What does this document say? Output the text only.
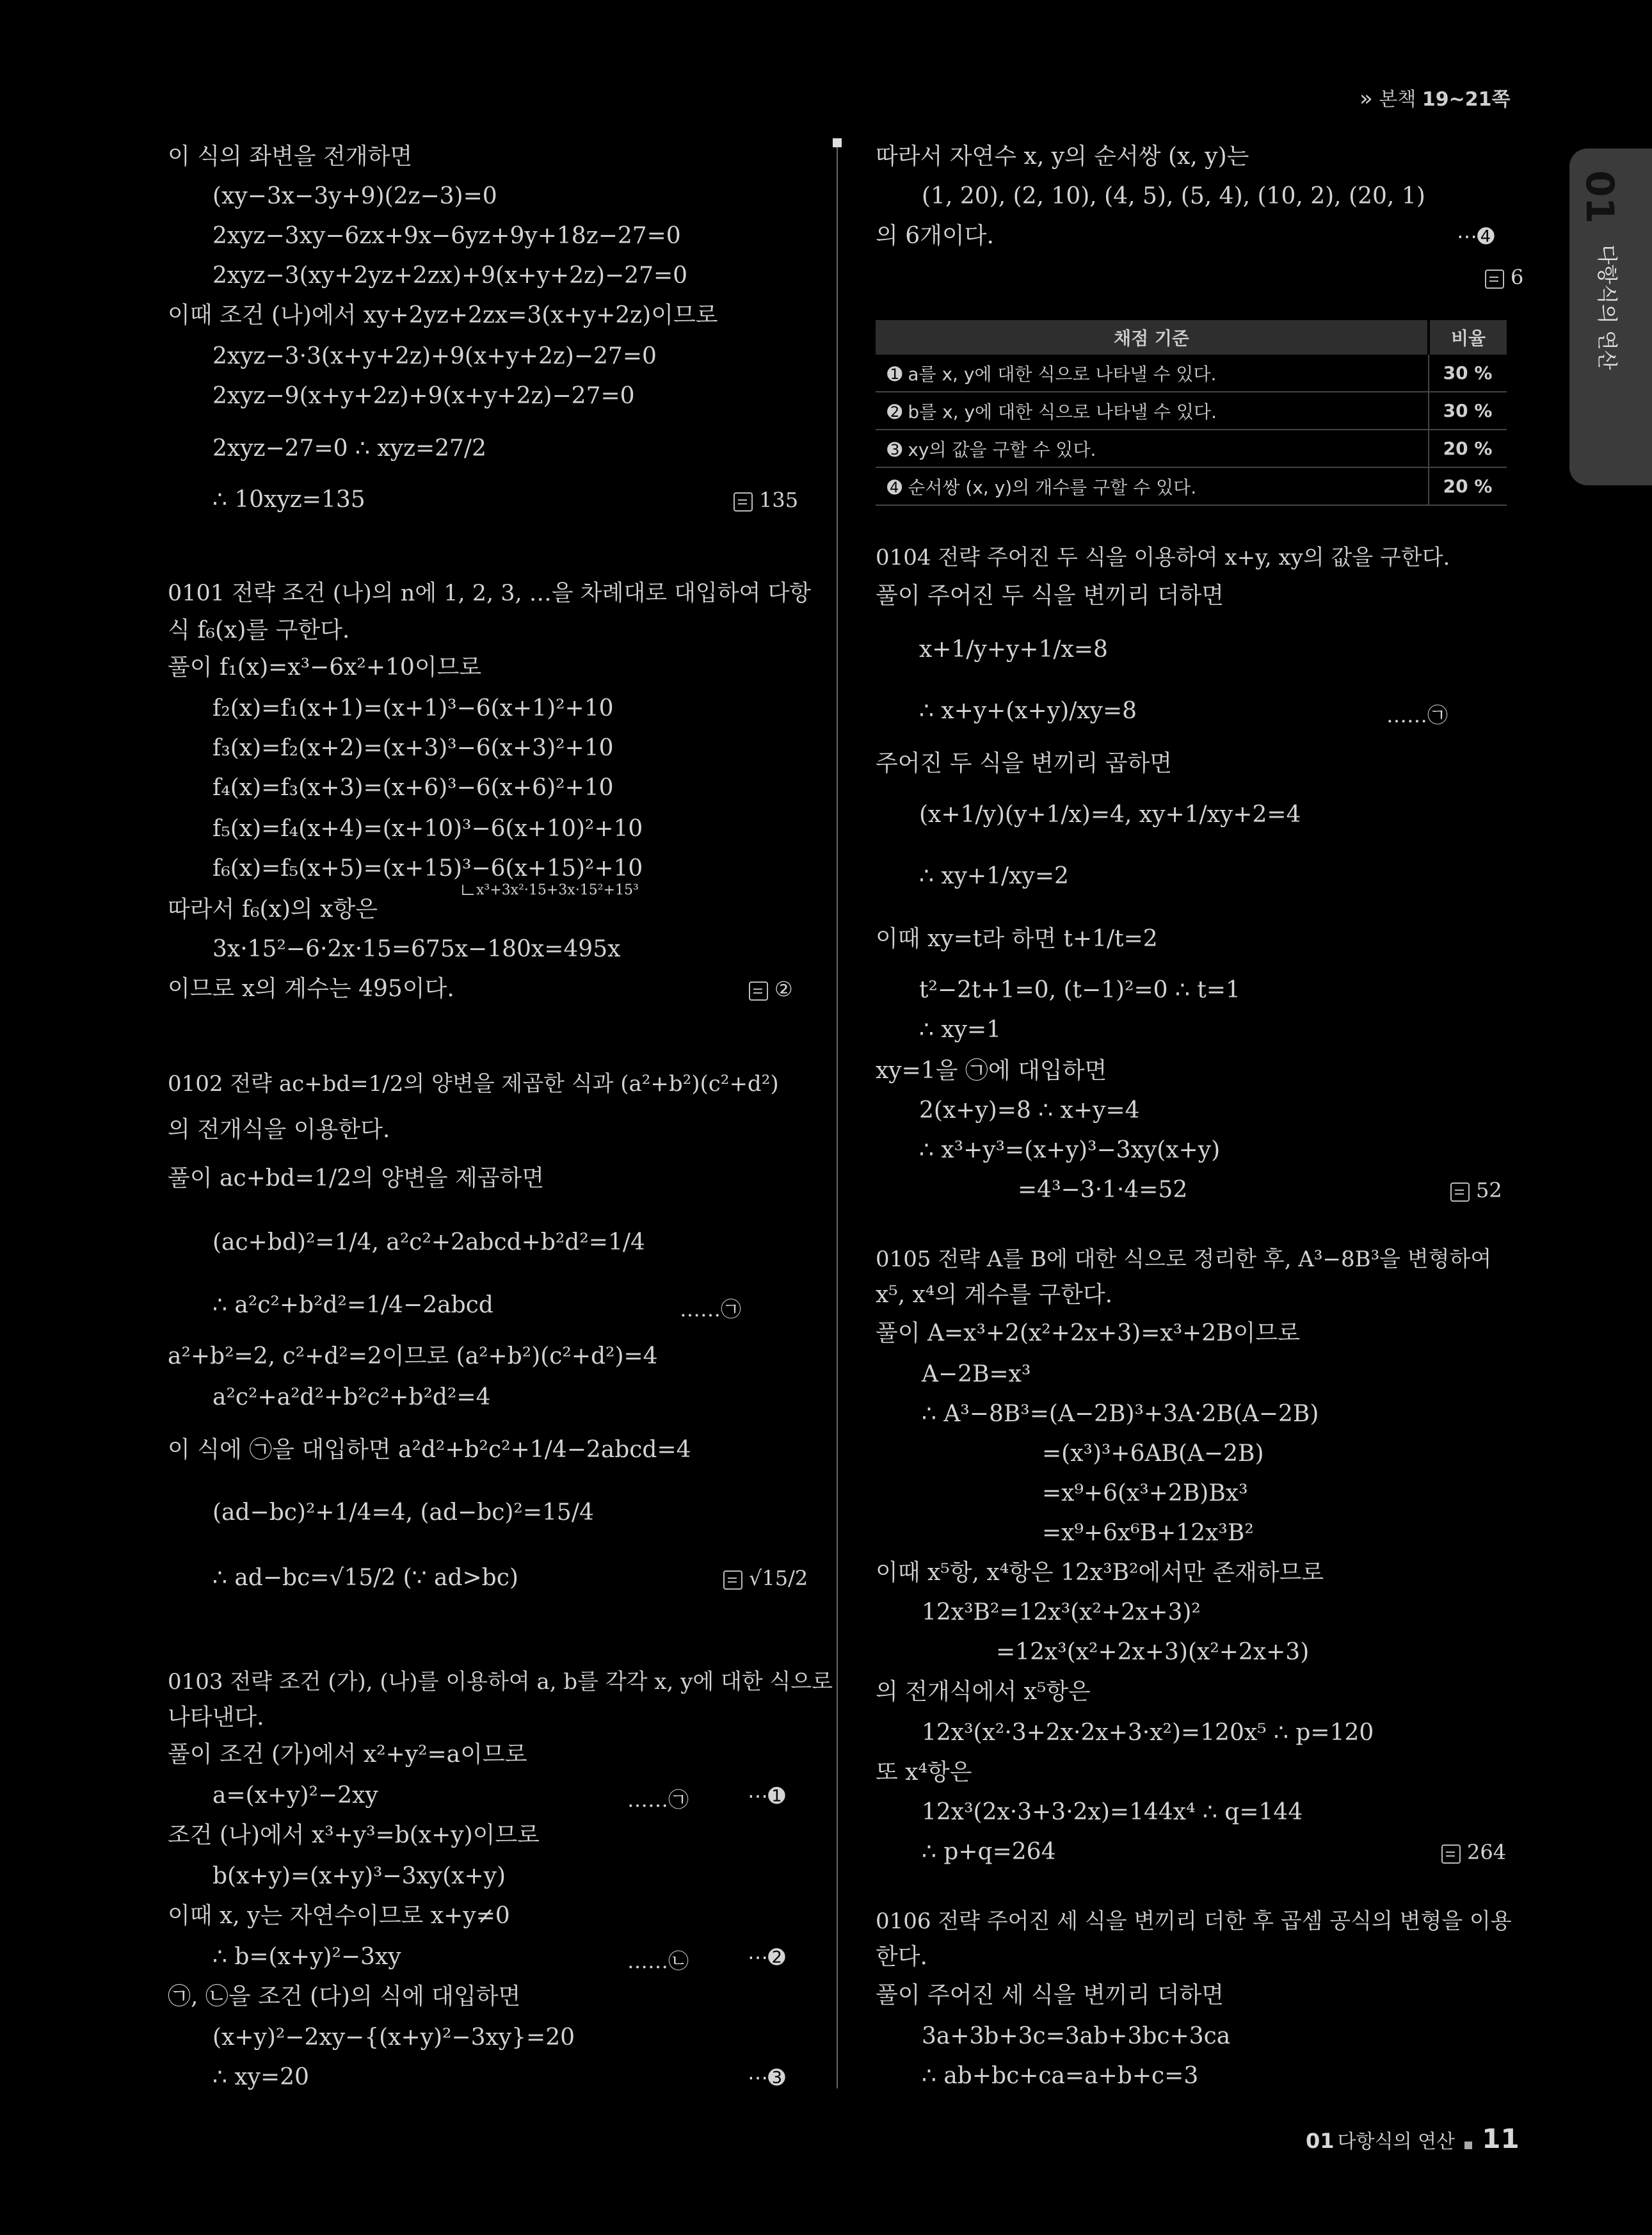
» 본책 19~21쪽
01
다항식의 연산
이 식의 좌변을 전개하면
(xy−3x−3y+9)(2z−3)=0
2xyz−3xy−6zx+9x−6yz+9y+18z−27=0
2xyz−3(xy+2yz+2zx)+9(x+y+2z)−27=0
이때 조건 (나)에서 xy+2yz+2zx=3(x+y+2z)이므로
2xyz−3·3(x+y+2z)+9(x+y+2z)−27=0
2xyz−9(x+y+2z)+9(x+y+2z)−27=0
2xyz−27=0 ∴ xyz=27/2
∴ 10xyz=135	135
0101 전략 조건 (나)의 n에 1, 2, 3, …을 차례대로 대입하여 다항
식 f₆(x)를 구한다.
풀이 f₁(x)=x³−6x²+10이므로
f₂(x)=f₁(x+1)=(x+1)³−6(x+1)²+10
f₃(x)=f₂(x+2)=(x+3)³−6(x+3)²+10
f₄(x)=f₃(x+3)=(x+6)³−6(x+6)²+10
f₅(x)=f₄(x+4)=(x+10)³−6(x+10)²+10
f₆(x)=f₅(x+5)=(x+15)³−6(x+15)²+10
x³+3x²·15+3x·15²+15³
따라서 f₆(x)의 x항은
3x·15²−6·2x·15=675x−180x=495x
이므로 x의 계수는 495이다.	②
0102 전략 ac+bd=1/2의 양변을 제곱한 식과 (a²+b²)(c²+d²)
의 전개식을 이용한다.
풀이 ac+bd=1/2의 양변을 제곱하면
(ac+bd)²=1/4, a²c²+2abcd+b²d²=1/4
∴ a²c²+b²d²=1/4−2abcd	……㉠
a²+b²=2, c²+d²=2이므로 (a²+b²)(c²+d²)=4
a²c²+a²d²+b²c²+b²d²=4
이 식에 ㉠을 대입하면 a²d²+b²c²+1/4−2abcd=4
(ad−bc)²+1/4=4, (ad−bc)²=15/4
∴ ad−bc=√15/2 (∵ ad>bc)	√15/2
0103 전략 조건 (가), (나)를 이용하여 a, b를 각각 x, y에 대한 식으로
나타낸다.
풀이 조건 (가)에서 x²+y²=a이므로
a=(x+y)²−2xy	……㉠	⋯➊
조건 (나)에서 x³+y³=b(x+y)이므로
b(x+y)=(x+y)³−3xy(x+y)
이때 x, y는 자연수이므로 x+y≠0
∴ b=(x+y)²−3xy	……㉡	⋯➋
㉠, ㉡을 조건 (다)의 식에 대입하면
(x+y)²−2xy−{(x+y)²−3xy}=20
∴ xy=20	⋯➌
따라서 자연수 x, y의 순서쌍 (x, y)는
(1, 20), (2, 10), (4, 5), (5, 4), (10, 2), (20, 1)
의 6개이다.	⋯➍
6
채점 기준	비율
➊ a를 x, y에 대한 식으로 나타낼 수 있다.	30 %
➋ b를 x, y에 대한 식으로 나타낼 수 있다.	30 %
➌ xy의 값을 구할 수 있다.	20 %
➍ 순서쌍 (x, y)의 개수를 구할 수 있다.	20 %
0104 전략 주어진 두 식을 이용하여 x+y, xy의 값을 구한다.
풀이 주어진 두 식을 변끼리 더하면
x+1/y+y+1/x=8
∴ x+y+(x+y)/xy=8	……㉠
주어진 두 식을 변끼리 곱하면
(x+1/y)(y+1/x)=4, xy+1/xy+2=4
∴ xy+1/xy=2
이때 xy=t라 하면 t+1/t=2
t²−2t+1=0, (t−1)²=0 ∴ t=1
∴ xy=1
xy=1을 ㉠에 대입하면
2(x+y)=8 ∴ x+y=4
∴ x³+y³=(x+y)³−3xy(x+y)
=4³−3·1·4=52	52
0105 전략 A를 B에 대한 식으로 정리한 후, A³−8B³을 변형하여
x⁵, x⁴의 계수를 구한다.
풀이 A=x³+2(x²+2x+3)=x³+2B이므로
A−2B=x³
∴ A³−8B³=(A−2B)³+3A·2B(A−2B)
=(x³)³+6AB(A−2B)
=x⁹+6(x³+2B)Bx³
=x⁹+6x⁶B+12x³B²
이때 x⁵항, x⁴항은 12x³B²에서만 존재하므로
12x³B²=12x³(x²+2x+3)²
=12x³(x²+2x+3)(x²+2x+3)
의 전개식에서 x⁵항은
12x³(x²·3+2x·2x+3·x²)=120x⁵ ∴ p=120
또 x⁴항은
12x³(2x·3+3·2x)=144x⁴ ∴ q=144
∴ p+q=264	264
0106 전략 주어진 세 식을 변끼리 더한 후 곱셈 공식의 변형을 이용
한다.
풀이 주어진 세 식을 변끼리 더하면
3a+3b+3c=3ab+3bc+3ca
∴ ab+bc+ca=a+b+c=3
01 다항식의 연산 11
